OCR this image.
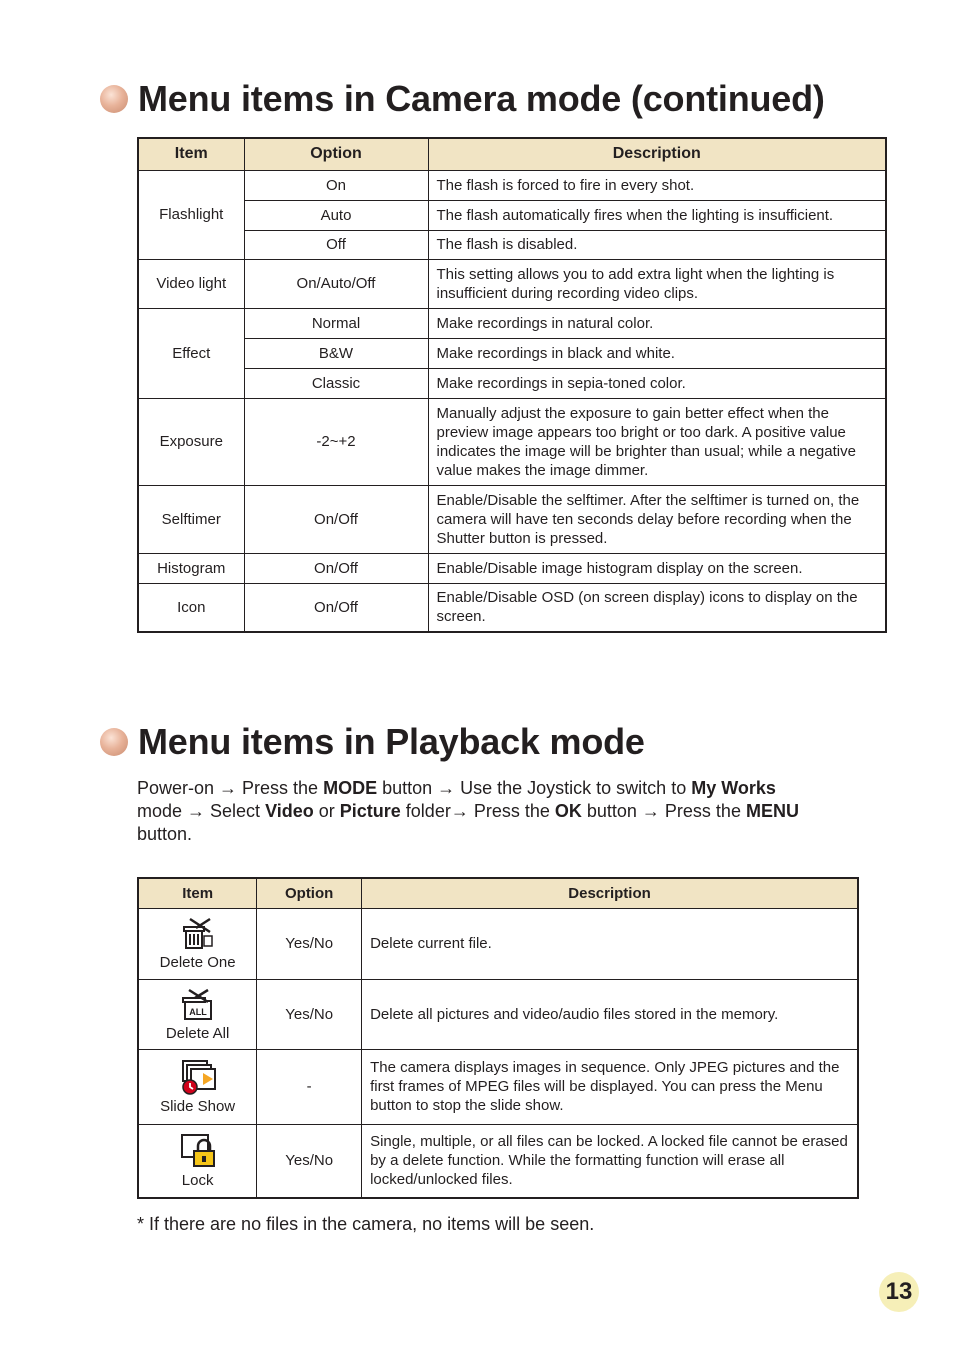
Menu items in Camera mode (continued)
Item	Option	Description
Flashlight	On	The flash is forced to fire in every shot.
	Auto	The flash automatically fires when the lighting is insufficient.
	Off	The flash is disabled.
Video light	On/Auto/Off	This setting allows you to add extra light when the lighting is insufficient during recording video clips.
Effect	Normal	Make recordings in natural color.
	B&W	Make recordings in black and white.
	Classic	Make recordings in sepia-toned color.
Exposure	-2~+2	Manually adjust the exposure to gain better effect when the preview image appears too bright or too dark. A positive value indicates the image will be brighter than usual; while a negative value makes the image dimmer.
Selftimer	On/Off	Enable/Disable the selftimer. After the selftimer is turned on, the camera will have ten seconds delay before recording when the Shutter button is pressed.
Histogram	On/Off	Enable/Disable image histogram display on the screen.
Icon	On/Off	Enable/Disable OSD (on screen display) icons to display on the screen.
Menu items in Playback mode

Power-on → Press the MODE button → Use the Joystick to switch to My Works
mode → Select Video or Picture folder→ Press the OK button → Press the MENU
button.

Item	Option	Description

Delete One	Yes/No	Delete current file.

ALL
Delete All	Yes/No	Delete all pictures and video/audio files stored in the memory.

Slide Show	-	The camera displays images in sequence. Only JPEG pictures and the first frames of MPEG files will be displayed. You can press the Menu button to stop the slide show.

Lock	Yes/No	Single, multiple, or all files can be locked. A locked file cannot be erased by a delete function. While the formatting function will erase all locked/unlocked files.

* If there are no files in the camera, no items will be seen.

13
